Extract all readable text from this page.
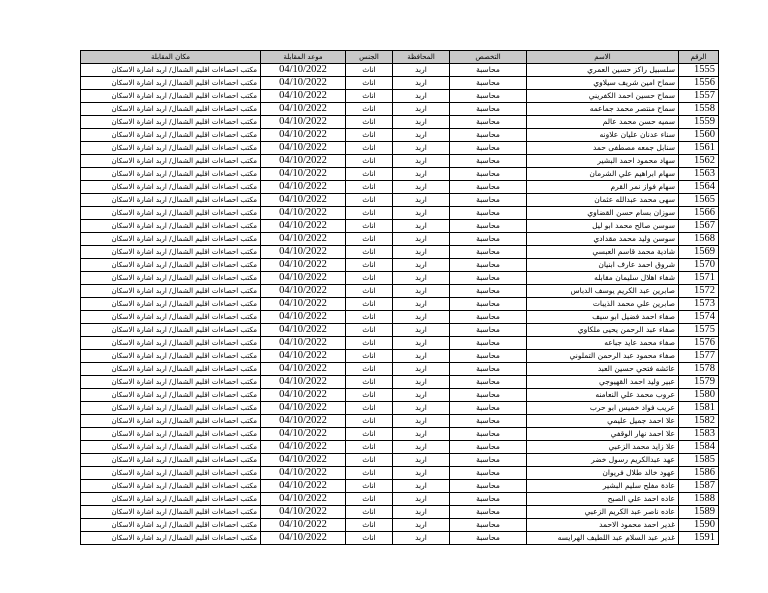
الرقم	الاسم	التخصص	المحافظة	الجنس	موعد المقابلة	مكان المقابلة
1555	سلسبيل راكز حسين العمري	محاسبة	اربد	اناث	04/10/2022	مكتب احصاءات اقليم الشمال/ اربد اشارة الاسكان
1556	سماح امين شريف سيلاوي	محاسبة	اربد	اناث	04/10/2022	مكتب احصاءات اقليم الشمال/ اربد اشارة الاسكان
1557	سماح حسين احمد الكفريني	محاسبة	اربد	اناث	04/10/2022	مكتب احصاءات اقليم الشمال/ اربد اشارة الاسكان
1558	سماح منتصر محمد جماعمه	محاسبة	اربد	اناث	04/10/2022	مكتب احصاءات اقليم الشمال/ اربد اشارة الاسكان
1559	سميه حسن محمد عالم	محاسبة	اربد	اناث	04/10/2022	مكتب احصاءات اقليم الشمال/ اربد اشارة الاسكان
1560	سناء عدنان عليان علاونه	محاسبة	اربد	اناث	04/10/2022	مكتب احصاءات اقليم الشمال/ اربد اشارة الاسكان
1561	سنابل جمعه مصطفى حمد	محاسبة	اربد	اناث	04/10/2022	مكتب احصاءات اقليم الشمال/ اربد اشارة الاسكان
1562	سهاد محمود احمد البشير	محاسبة	اربد	اناث	04/10/2022	مكتب احصاءات اقليم الشمال/ اربد اشارة الاسكان
1563	سهام ابراهيم علي الشرمان	محاسبة	اربد	اناث	04/10/2022	مكتب احصاءات اقليم الشمال/ اربد اشارة الاسكان
1564	سهام فواز نمر القرم	محاسبة	اربد	اناث	04/10/2022	مكتب احصاءات اقليم الشمال/ اربد اشارة الاسكان
1565	سهى محمد عبدالله عثمان	محاسبة	اربد	اناث	04/10/2022	مكتب احصاءات اقليم الشمال/ اربد اشارة الاسكان
1566	سوزان بسام حسن القضاوي	محاسبة	اربد	اناث	04/10/2022	مكتب احصاءات اقليم الشمال/ اربد اشارة الاسكان
1567	سوسن صالح محمد ابو ليل	محاسبة	اربد	اناث	04/10/2022	مكتب احصاءات اقليم الشمال/ اربد اشارة الاسكان
1568	سوسن وليد محمد مقدادي	محاسبة	اربد	اناث	04/10/2022	مكتب احصاءات اقليم الشمال/ اربد اشارة الاسكان
1569	شادية محمد قاسم العبسي	محاسبة	اربد	اناث	04/10/2022	مكتب احصاءات اقليم الشمال/ اربد اشارة الاسكان
1570	شروق احمد عارف ابنيان	محاسبة	اربد	اناث	04/10/2022	مكتب احصاءات اقليم الشمال/ اربد اشارة الاسكان
1571	شفاء اهلال سليمان مقابله	محاسبة	اربد	اناث	04/10/2022	مكتب احصاءات اقليم الشمال/ اربد اشارة الاسكان
1572	صابرين عبد الكريم يوسف الدباس	محاسبة	اربد	اناث	04/10/2022	مكتب احصاءات اقليم الشمال/ اربد اشارة الاسكان
1573	صابرين علي محمد الذيبات	محاسبة	اربد	اناث	04/10/2022	مكتب احصاءات اقليم الشمال/ اربد اشارة الاسكان
1574	صفاء احمد فضيل ابو سيف	محاسبة	اربد	اناث	04/10/2022	مكتب احصاءات اقليم الشمال/ اربد اشارة الاسكان
1575	صفاء عبد الرحمن يحيى ملكاوي	محاسبة	اربد	اناث	04/10/2022	مكتب احصاءات اقليم الشمال/ اربد اشارة الاسكان
1576	صفاء محمد عايد جباعه	محاسبة	اربد	اناث	04/10/2022	مكتب احصاءات اقليم الشمال/ اربد اشارة الاسكان
1577	صفاء محمود عبد الرحمن التملوني	محاسبة	اربد	اناث	04/10/2022	مكتب احصاءات اقليم الشمال/ اربد اشارة الاسكان
1578	عائشه فتحي حسين العبد	محاسبة	اربد	اناث	04/10/2022	مكتب احصاءات اقليم الشمال/ اربد اشارة الاسكان
1579	عبير وليد احمد القهيوجي	محاسبة	اربد	اناث	04/10/2022	مكتب احصاءات اقليم الشمال/ اربد اشارة الاسكان
1580	عروب محمد علي النعامنه	محاسبة	اربد	اناث	04/10/2022	مكتب احصاءات اقليم الشمال/ اربد اشارة الاسكان
1581	عريب فواد خميس ابو حرب	محاسبة	اربد	اناث	04/10/2022	مكتب احصاءات اقليم الشمال/ اربد اشارة الاسكان
1582	علا احمد جميل عليمي	محاسبة	اربد	اناث	04/10/2022	مكتب احصاءات اقليم الشمال/ اربد اشارة الاسكان
1583	علا احمد نهار الوقفي	محاسبة	اربد	اناث	04/10/2022	مكتب احصاءات اقليم الشمال/ اربد اشارة الاسكان
1584	علا زايد محمد الزعبي	محاسبة	اربد	اناث	04/10/2022	مكتب احصاءات اقليم الشمال/ اربد اشارة الاسكان
1585	عهد عبدالكريم رسول خضر	محاسبة	اربد	اناث	04/10/2022	مكتب احصاءات اقليم الشمال/ اربد اشارة الاسكان
1586	عهود خالد طلال فريوان	محاسبة	اربد	اناث	04/10/2022	مكتب احصاءات اقليم الشمال/ اربد اشارة الاسكان
1587	عادة مفلح سليم البشير	محاسبة	اربد	اناث	04/10/2022	مكتب احصاءات اقليم الشمال/ اربد اشارة الاسكان
1588	عاده احمد علي الصبح	محاسبة	اربد	اناث	04/10/2022	مكتب احصاءات اقليم الشمال/ اربد اشارة الاسكان
1589	عاده ناصر عبد الكريم الزعبي	محاسبة	اربد	اناث	04/10/2022	مكتب احصاءات اقليم الشمال/ اربد اشارة الاسكان
1590	غدير احمد محمود الاحمد	محاسبة	اربد	اناث	04/10/2022	مكتب احصاءات اقليم الشمال/ اربد اشارة الاسكان
1591	غدير عبد السلام عبد اللطيف الهرايسه	محاسبة	اربد	اناث	04/10/2022	مكتب احصاءات اقليم الشمال/ اربد اشارة الاسكان
